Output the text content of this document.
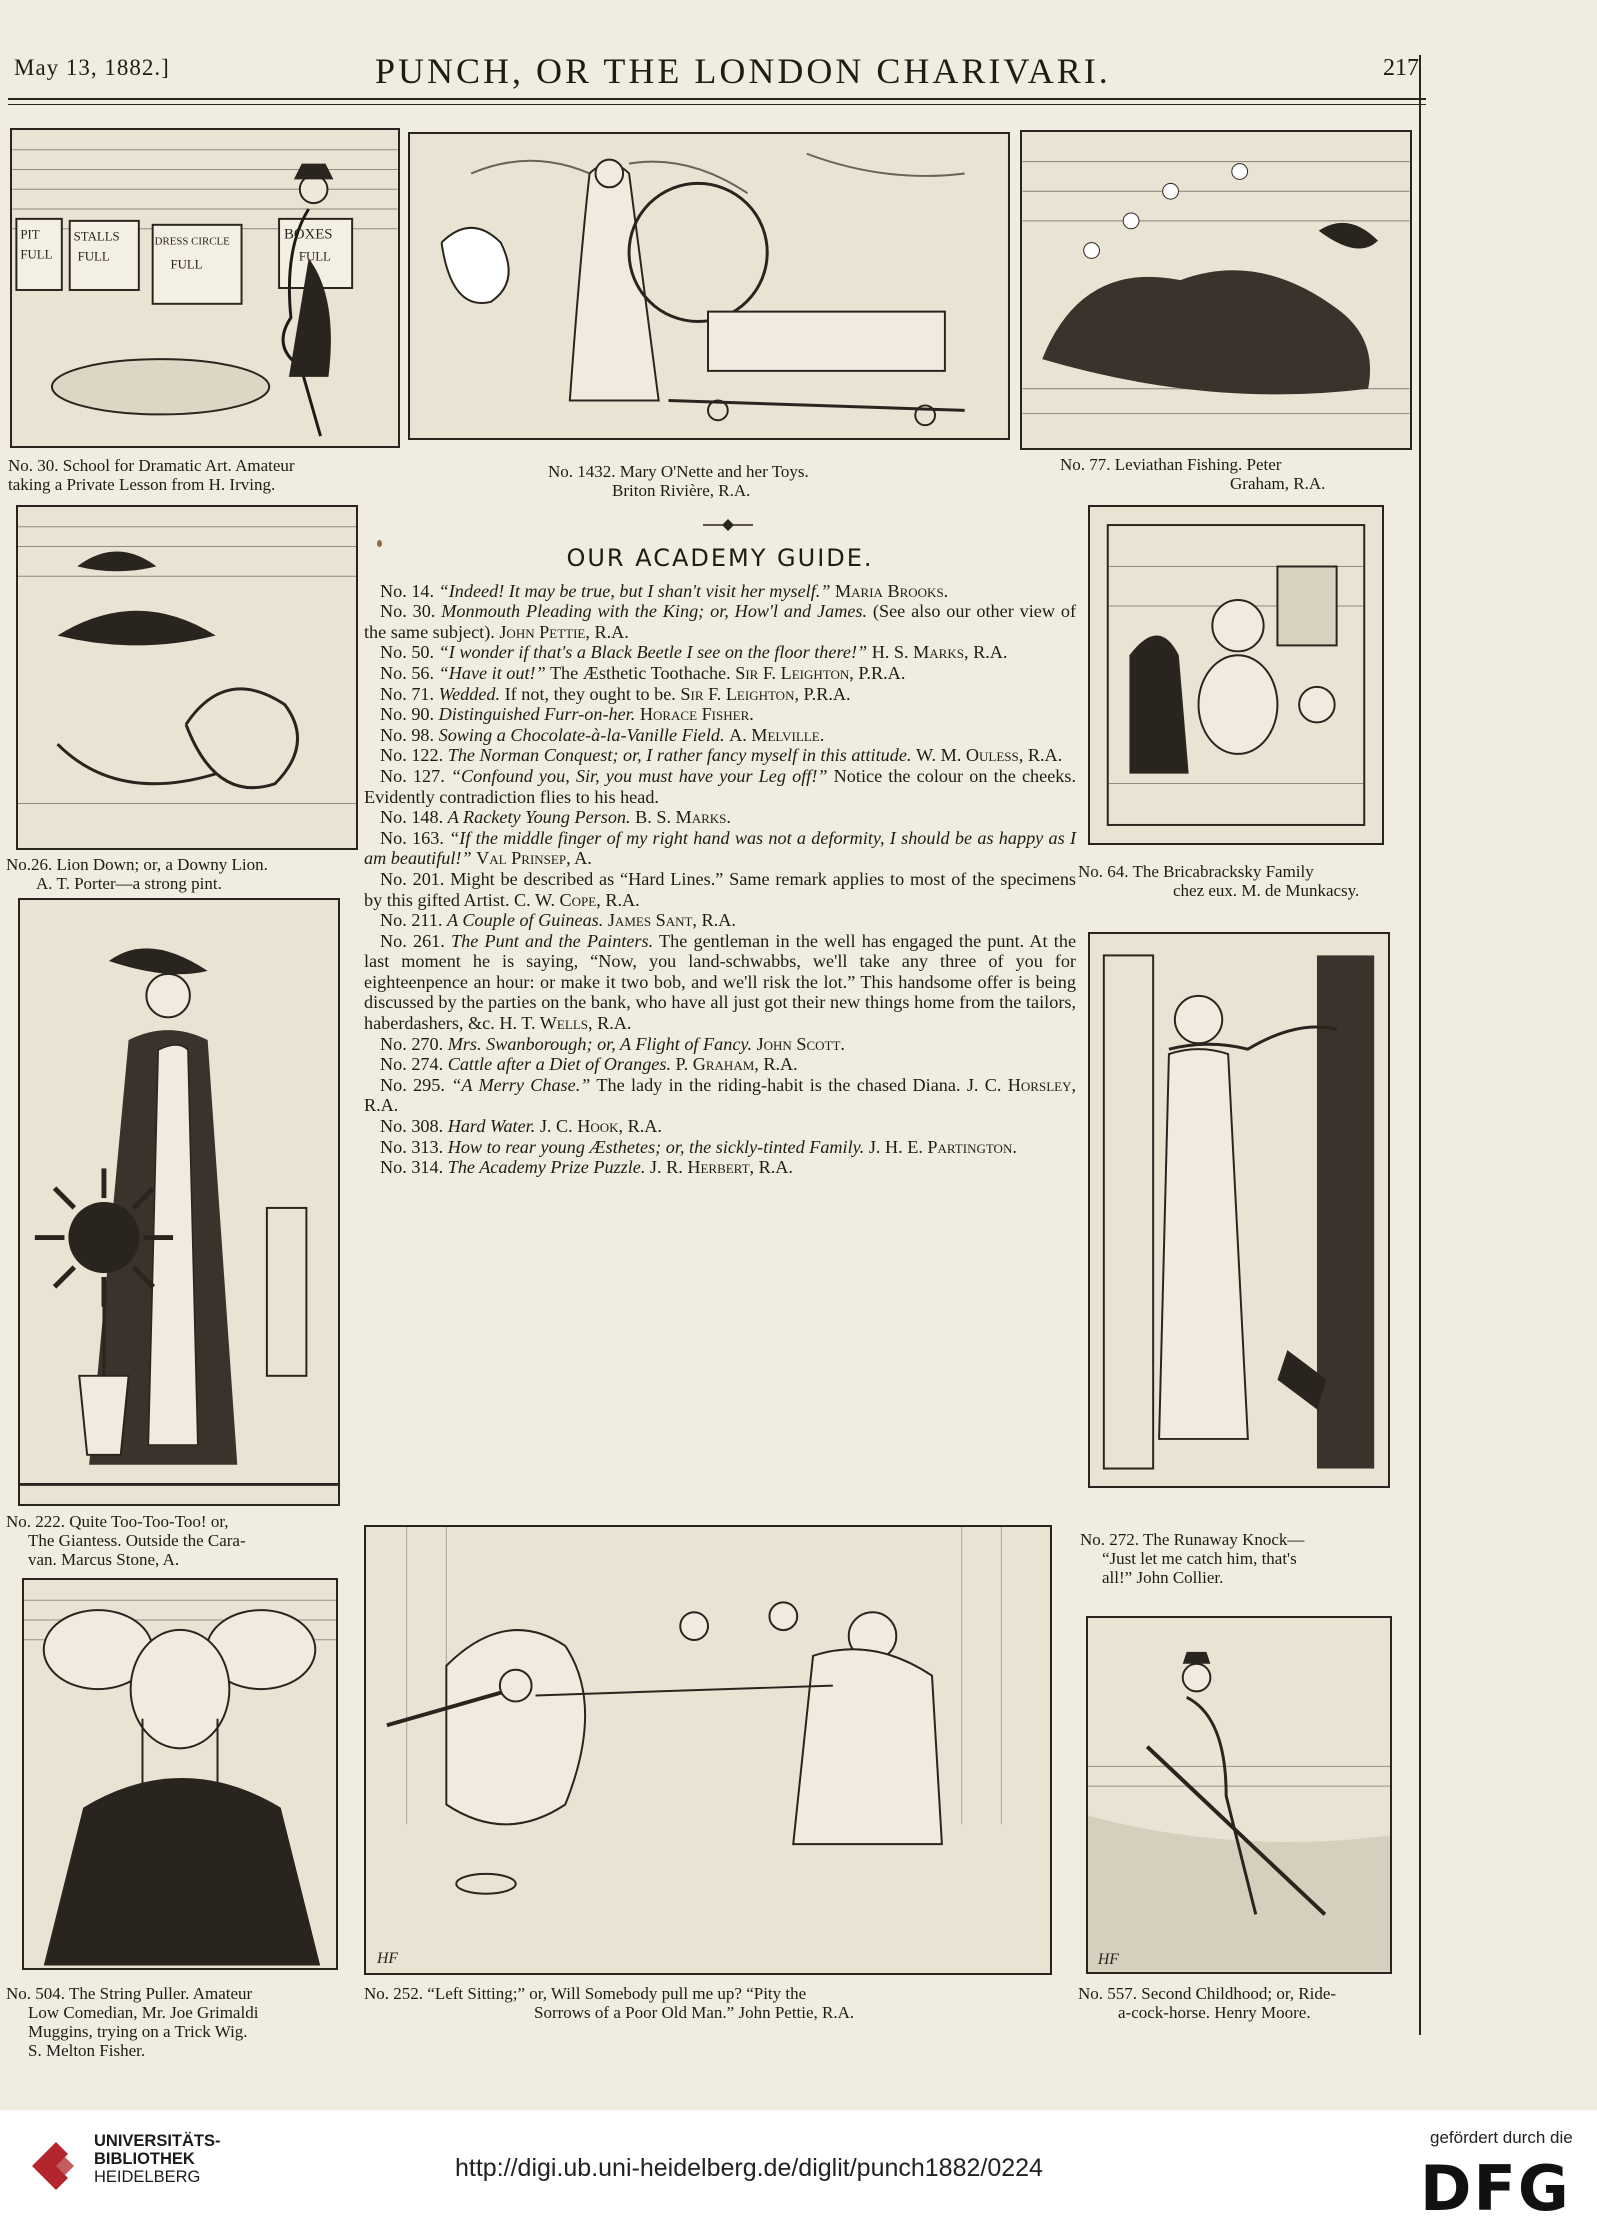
May 13, 1882.]	PUNCH, OR THE LONDON CHARIVARI.	217
PIT
FULL
STALLS
FULL
DRESS CIRCLE
FULL
BOXES
FULL
No. 30. School for Dramatic Art. Amateur
taking a Private Lesson from H. Irving.
No. 1432. Mary O'Nette and her Toys.
Briton Rivière, R.A.
No. 77. Leviathan Fishing. Peter
Graham, R.A.
No.26. Lion Down; or, a Downy Lion.
A. T. Porter—a strong pint.
No. 64. The Bricabracksky Family
chez eux. M. de Munkacsy.
No. 222. Quite Too-Too-Too! or,
The Giantess. Outside the Cara-
van. Marcus Stone, A.
No. 272. The Runaway Knock—
“Just let me catch him, that's
all!” John Collier.
No. 504. The String Puller. Amateur
Low Comedian, Mr. Joe Grimaldi
Muggins, trying on a Trick Wig.
S. Melton Fisher.
HF
No. 252. “Left Sitting;” or, Will Somebody pull me up? “Pity the
Sorrows of a Poor Old Man.” John Pettie, R.A.
HF
No. 557. Second Childhood; or, Ride-
a-cock-horse. Henry Moore.
OUR ACADEMY GUIDE.

No. 14. “Indeed! It may be true, but I shan't visit her myself.” Maria Brooks.

No. 30. Monmouth Pleading with the King; or, How'l and James. (See also our other view of the same subject). John Pettie, R.A.

No. 50. “I wonder if that's a Black Beetle I see on the floor there!” H. S. Marks, R.A.

No. 56. “Have it out!” The Æsthetic Toothache. Sir F. Leighton, P.R.A.

No. 71. Wedded. If not, they ought to be. Sir F. Leighton, P.R.A.

No. 90. Distinguished Furr-on-her. Horace Fisher.

No. 98. Sowing a Chocolate-à-la-Vanille Field. A. Melville.

No. 122. The Norman Conquest; or, I rather fancy myself in this attitude. W. M. Ouless, R.A.

No. 127. “Confound you, Sir, you must have your Leg off!” Notice the colour on the cheeks. Evidently contradiction flies to his head.

No. 148. A Rackety Young Person. B. S. Marks.

No. 163. “If the middle finger of my right hand was not a deformity, I should be as happy as I am beautiful!” Val Prinsep, A.

No. 201. Might be described as “Hard Lines.” Same remark applies to most of the specimens by this gifted Artist. C. W. Cope, R.A.

No. 211. A Couple of Guineas. James Sant, R.A.

No. 261. The Punt and the Painters. The gentleman in the well has engaged the punt. At the last moment he is saying, “Now, you land-schwabbs, we'll take any three of you for eighteenpence an hour: or make it two bob, and we'll risk the lot.” This handsome offer is being discussed by the parties on the bank, who have all just got their new things home from the tailors, haberdashers, &c. H. T. Wells, R.A.

No. 270. Mrs. Swanborough; or, A Flight of Fancy. John Scott.

No. 274. Cattle after a Diet of Oranges. P. Graham, R.A.

No. 295. “A Merry Chase.” The lady in the riding-habit is the chased Diana. J. C. Horsley, R.A.

No. 308. Hard Water. J. C. Hook, R.A.

No. 313. How to rear young Æsthetes; or, the sickly-tinted Family. J. H. E. Partington.

No. 314. The Academy Prize Puzzle. J. R. Herbert, R.A.

UNIVERSITÄTS-
BIBLIOTHEK
HEIDELBERG	http://digi.ub.uni-heidelberg.de/diglit/punch1882/0224
gefördert durch die
DFG
